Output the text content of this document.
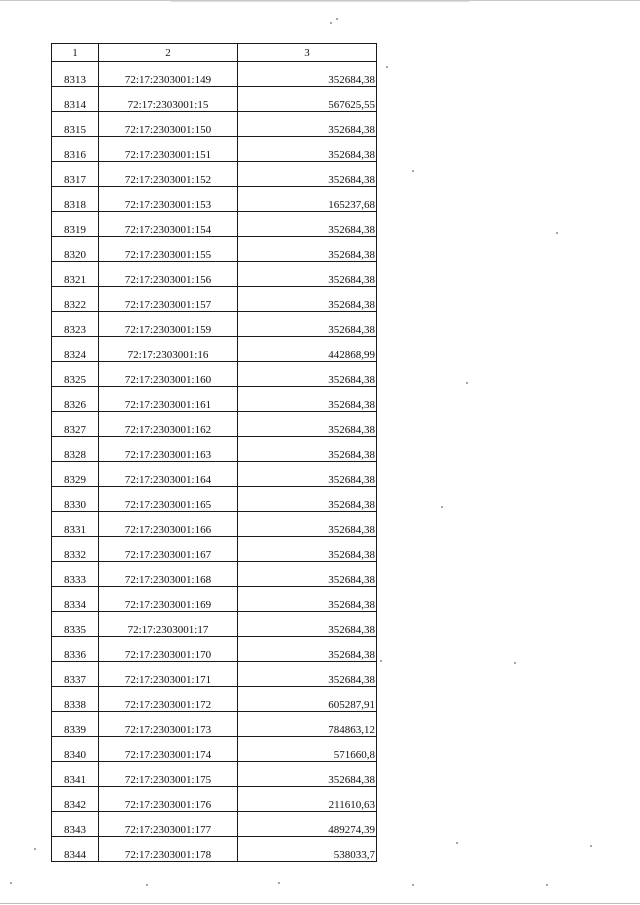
1	2	3
8313	72:17:2303001:149	352684,38
8314	72:17:2303001:15	567625,55
8315	72:17:2303001:150	352684,38
8316	72:17:2303001:151	352684,38
8317	72:17:2303001:152	352684,38
8318	72:17:2303001:153	165237,68
8319	72:17:2303001:154	352684,38
8320	72:17:2303001:155	352684,38
8321	72:17:2303001:156	352684,38
8322	72:17:2303001:157	352684,38
8323	72:17:2303001:159	352684,38
8324	72:17:2303001:16	442868,99
8325	72:17:2303001:160	352684,38
8326	72:17:2303001:161	352684,38
8327	72:17:2303001:162	352684,38
8328	72:17:2303001:163	352684,38
8329	72:17:2303001:164	352684,38
8330	72:17:2303001:165	352684,38
8331	72:17:2303001:166	352684,38
8332	72:17:2303001:167	352684,38
8333	72:17:2303001:168	352684,38
8334	72:17:2303001:169	352684,38
8335	72:17:2303001:17	352684,38
8336	72:17:2303001:170	352684,38
8337	72:17:2303001:171	352684,38
8338	72:17:2303001:172	605287,91
8339	72:17:2303001:173	784863,12
8340	72:17:2303001:174	571660,8
8341	72:17:2303001:175	352684,38
8342	72:17:2303001:176	211610,63
8343	72:17:2303001:177	489274,39
8344	72:17:2303001:178	538033,7
